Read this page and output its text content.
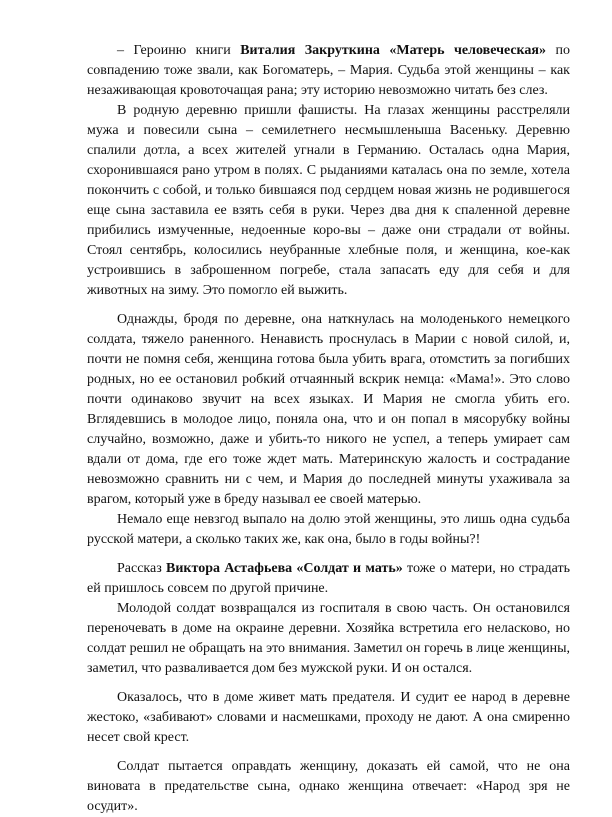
– Героиню книги Виталия Закруткина «Матерь человеческая» по совпадению тоже звали, как Богоматерь, – Мария. Судьба этой женщины – как незаживающая кровоточащая рана; эту историю невозможно читать без слез.

В родную деревню пришли фашисты. На глазах женщины расстреляли мужа и повесили сына – семилетнего несмышленыша Васеньку. Деревню спалили дотла, а всех жителей угнали в Германию. Осталась одна Мария, схоронившаяся рано утром в полях. С рыданиями каталась она по земле, хотела покончить с собой, и только бившаяся под сердцем новая жизнь не родившегося еще сына заставила ее взять себя в руки. Через два дня к спаленной деревне прибились измученные, недоенные коро-вы – даже они страдали от войны. Стоял сентябрь, колосились неубранные хлебные поля, и женщина, кое-как устроившись в заброшенном погребе, стала запасать еду для себя и для животных на зиму. Это помогло ей выжить.

Однажды, бродя по деревне, она наткнулась на молоденького немецкого солдата, тяжело раненного. Ненависть проснулась в Марии с новой силой, и, почти не помня себя, женщина готова была убить врага, отомстить за погибших родных, но ее остановил робкий отчаянный вскрик немца: «Мама!». Это слово почти одинаково звучит на всех языках. И Мария не смогла убить его. Вглядевшись в молодое лицо, поняла она, что и он попал в мясорубку войны случайно, возможно, даже и убить-то никого не успел, а теперь умирает сам вдали от дома, где его тоже ждет мать. Материнскую жалость и сострадание невозможно сравнить ни с чем, и Мария до последней минуты ухаживала за врагом, который уже в бреду называл ее своей матерью.

Немало еще невзгод выпало на долю этой женщины, это лишь одна судьба русской матери, а сколько таких же, как она, было в годы войны?!

Рассказ Виктора Астафьева «Солдат и мать» тоже о матери, но страдать ей пришлось совсем по другой причине.

Молодой солдат возвращался из госпиталя в свою часть. Он остановился переночевать в доме на окраине деревни. Хозяйка встретила его неласково, но солдат решил не обращать на это внимания. Заметил он горечь в лице женщины, заметил, что разваливается дом без мужской руки. И он остался.

Оказалось, что в доме живет мать предателя. И судит ее народ в деревне жестоко, «забивают» словами и насмешками, проходу не дают. А она смиренно несет свой крест.

Солдат пытается оправдать женщину, доказать ей самой, что не она виновата в предательстве сына, однако женщина отвечает: «Народ зря не осудит».
